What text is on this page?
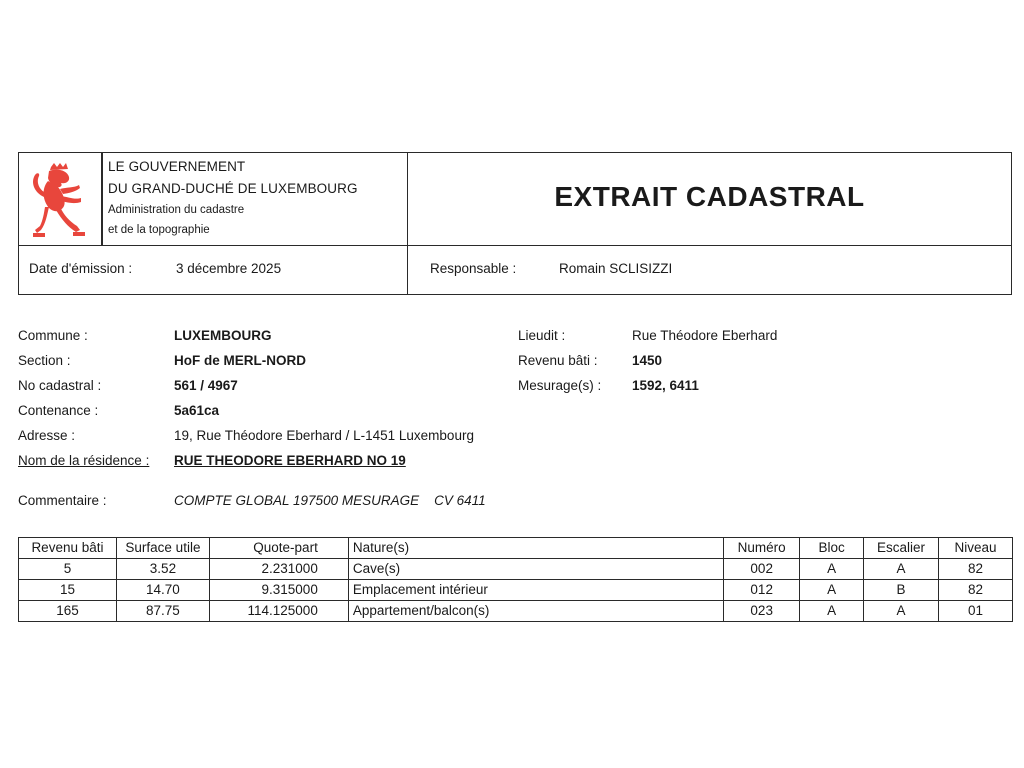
LE GOUVERNEMENT
DU GRAND-DUCHÉ DE LUXEMBOURG
Administration du cadastre
et de la topographie
EXTRAIT CADASTRAL
Date d'émission :	3 décembre 2025	Responsable :	Romain SCLISIZZI
Commune :	LUXEMBOURG
Section :	HoF de MERL-NORD
No cadastral :	561 / 4967
Contenance :	5a61ca
Adresse :	19, Rue Théodore Eberhard / L-1451 Luxembourg
Nom de la résidence : RUE THEODORE EBERHARD NO 19
Lieudit :	Rue Théodore Eberhard
Revenu bâti :	1450
Mesurage(s) : 1592, 6411
Commentaire :	COMPTE GLOBAL 197500 MESURAGE    CV 6411
Revenu bâti	Surface utile	Quote-part	Nature(s)	Numéro	Bloc	Escalier	Niveau
5	3.52	2.231000	Cave(s)	002	A	A	82
15	14.70	9.315000	Emplacement intérieur	012	A	B	82
165	87.75	114.125000	Appartement/balcon(s)	023	A	A	01
